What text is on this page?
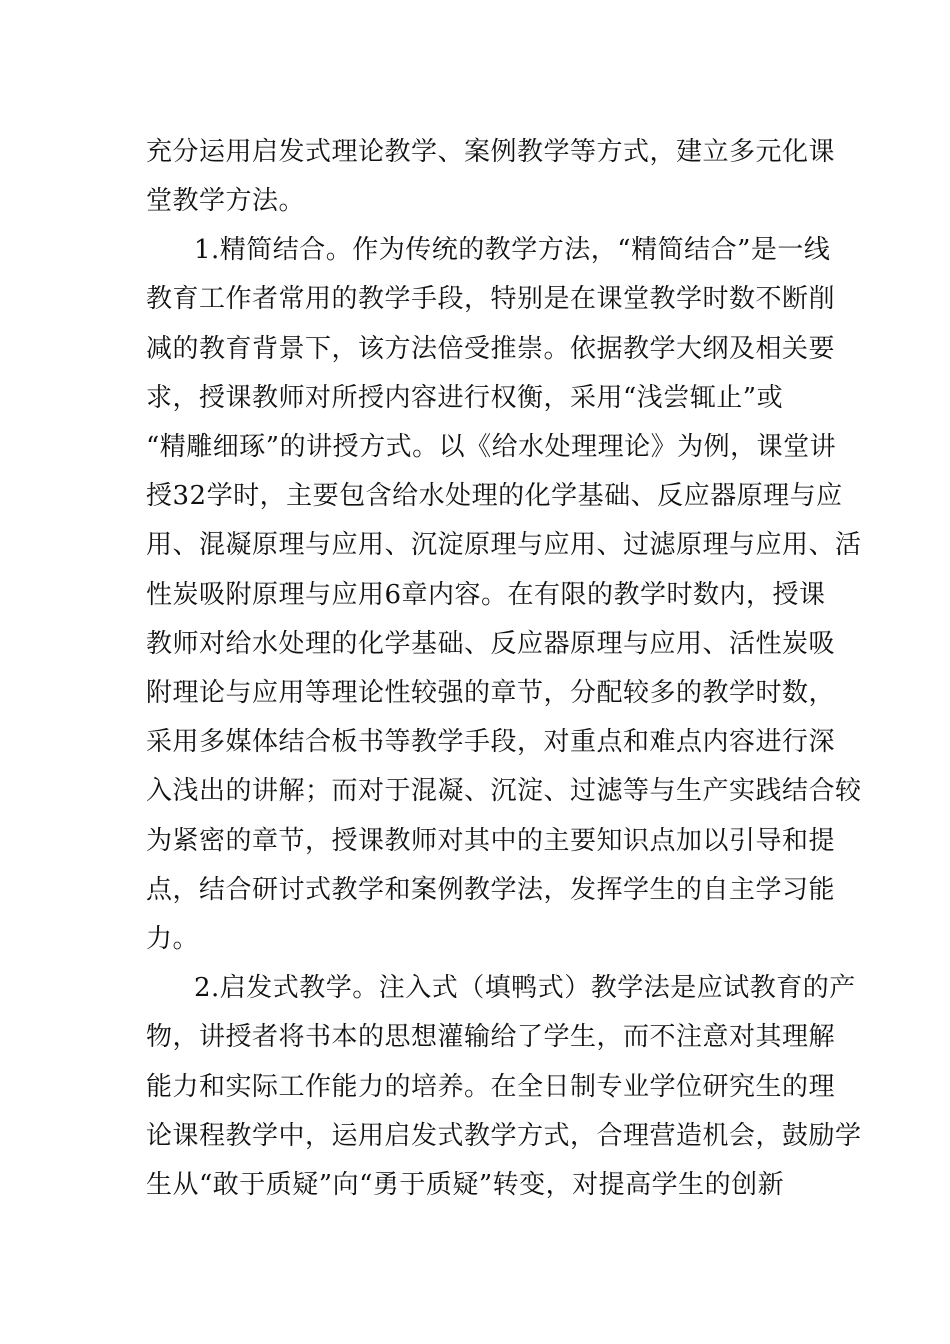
充分运用启发式理论教学、案例教学等方式，建立多元化课
堂教学方法。
1.精简结合。作为传统的教学方法，“精简结合”是一线
教育工作者常用的教学手段，特别是在课堂教学时数不断削
减的教育背景下，该方法倍受推崇。依据教学大纲及相关要
求，授课教师对所授内容进行权衡，采用“浅尝辄止”或
“精雕细琢”的讲授方式。以《给水处理理论》为例，课堂讲
授32学时，主要包含给水处理的化学基础、反应器原理与应
用、混凝原理与应用、沉淀原理与应用、过滤原理与应用、活
性炭吸附原理与应用6章内容。在有限的教学时数内，授课
教师对给水处理的化学基础、反应器原理与应用、活性炭吸
附理论与应用等理论性较强的章节，分配较多的教学时数，
采用多媒体结合板书等教学手段，对重点和难点内容进行深
入浅出的讲解；而对于混凝、沉淀、过滤等与生产实践结合较
为紧密的章节，授课教师对其中的主要知识点加以引导和提
点，结合研讨式教学和案例教学法，发挥学生的自主学习能
力。
2.启发式教学。注入式（填鸭式）教学法是应试教育的产
物，讲授者将书本的思想灌输给了学生，而不注意对其理解
能力和实际工作能力的培养。在全日制专业学位研究生的理
论课程教学中，运用启发式教学方式，合理营造机会，鼓励学
生从“敢于质疑”向“勇于质疑”转变，对提高学生的创新
